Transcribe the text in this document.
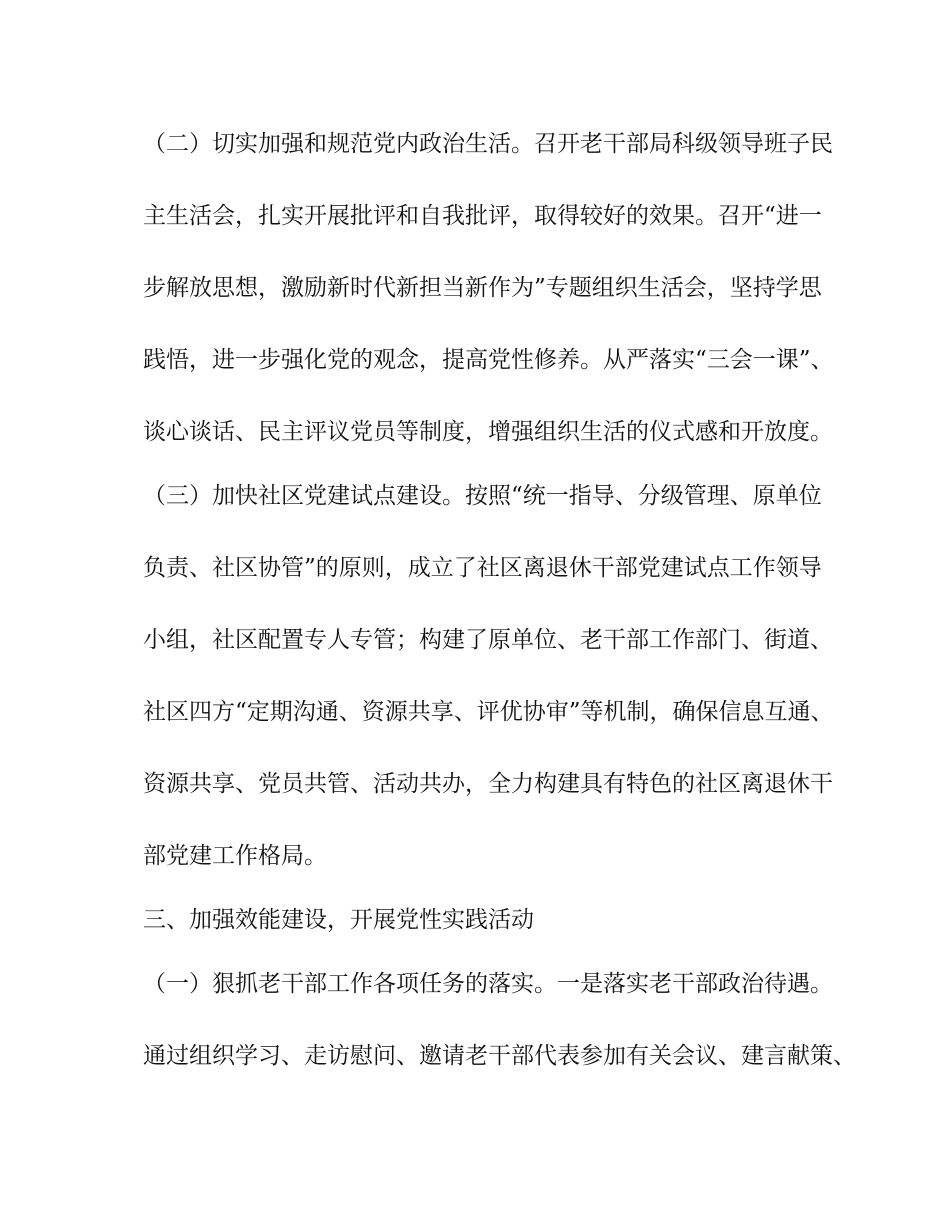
（二）切实加强和规范党内政治生活。召开老干部局科级领导班子民
主生活会，扎实开展批评和自我批评，取得较好的效果。召开“进一
步解放思想，激励新时代新担当新作为”专题组织生活会，坚持学思
践悟，进一步强化党的观念，提高党性修养。从严落实“三会一课”、
谈心谈话、民主评议党员等制度，增强组织生活的仪式感和开放度。
（三）加快社区党建试点建设。按照“统一指导、分级管理、原单位
负责、社区协管”的原则，成立了社区离退休干部党建试点工作领导
小组，社区配置专人专管；构建了原单位、老干部工作部门、街道、
社区四方“定期沟通、资源共享、评优协审”等机制，确保信息互通、
资源共享、党员共管、活动共办，全力构建具有特色的社区离退休干
部党建工作格局。
三、加强效能建设，开展党性实践活动
（一）狠抓老干部工作各项任务的落实。一是落实老干部政治待遇。
通过组织学习、走访慰问、邀请老干部代表参加有关会议、建言献策、
